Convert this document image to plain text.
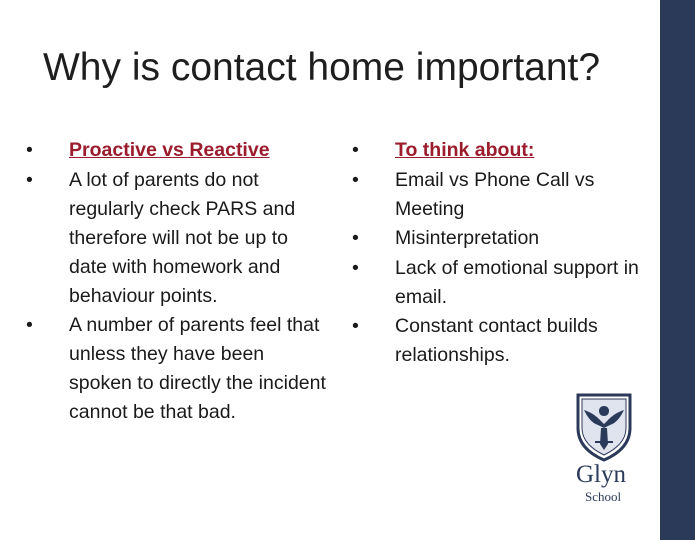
Why is contact home important?
• Proactive vs Reactive
• A lot of parents do not regularly check PARS and therefore will not be up to date with homework and behaviour points.
• A number of parents feel that unless they have been spoken to directly the incident cannot be that bad.
• To think about:
• Email vs Phone Call vs Meeting
• Misinterpretation
• Lack of emotional support in email.
• Constant contact builds relationships.
Glyn
School
